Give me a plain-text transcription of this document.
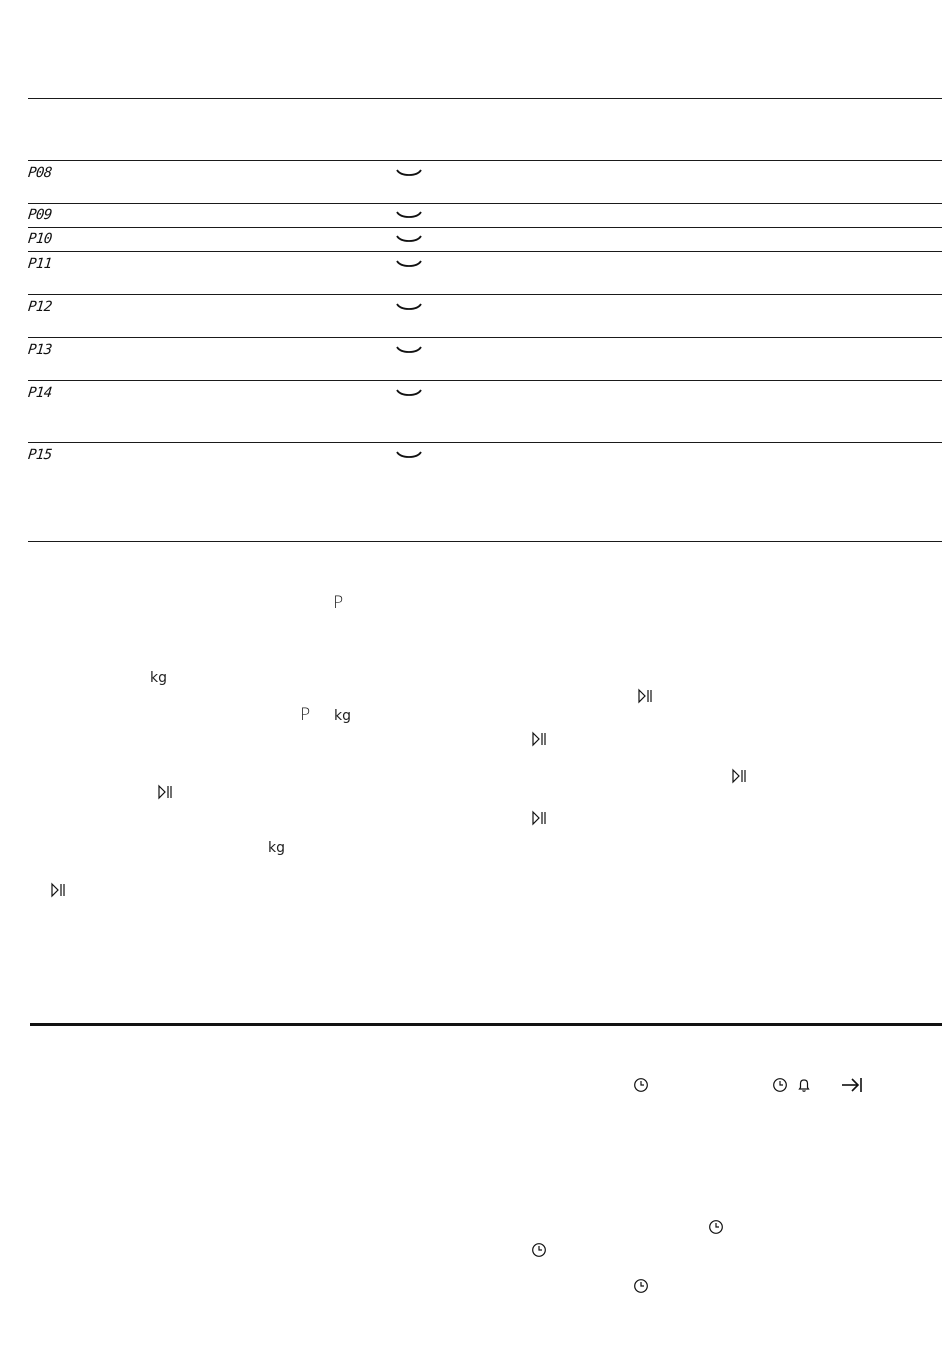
P08
P09
P10
P11
P12
P13
P14
P15
P
kg
P kg
kg
